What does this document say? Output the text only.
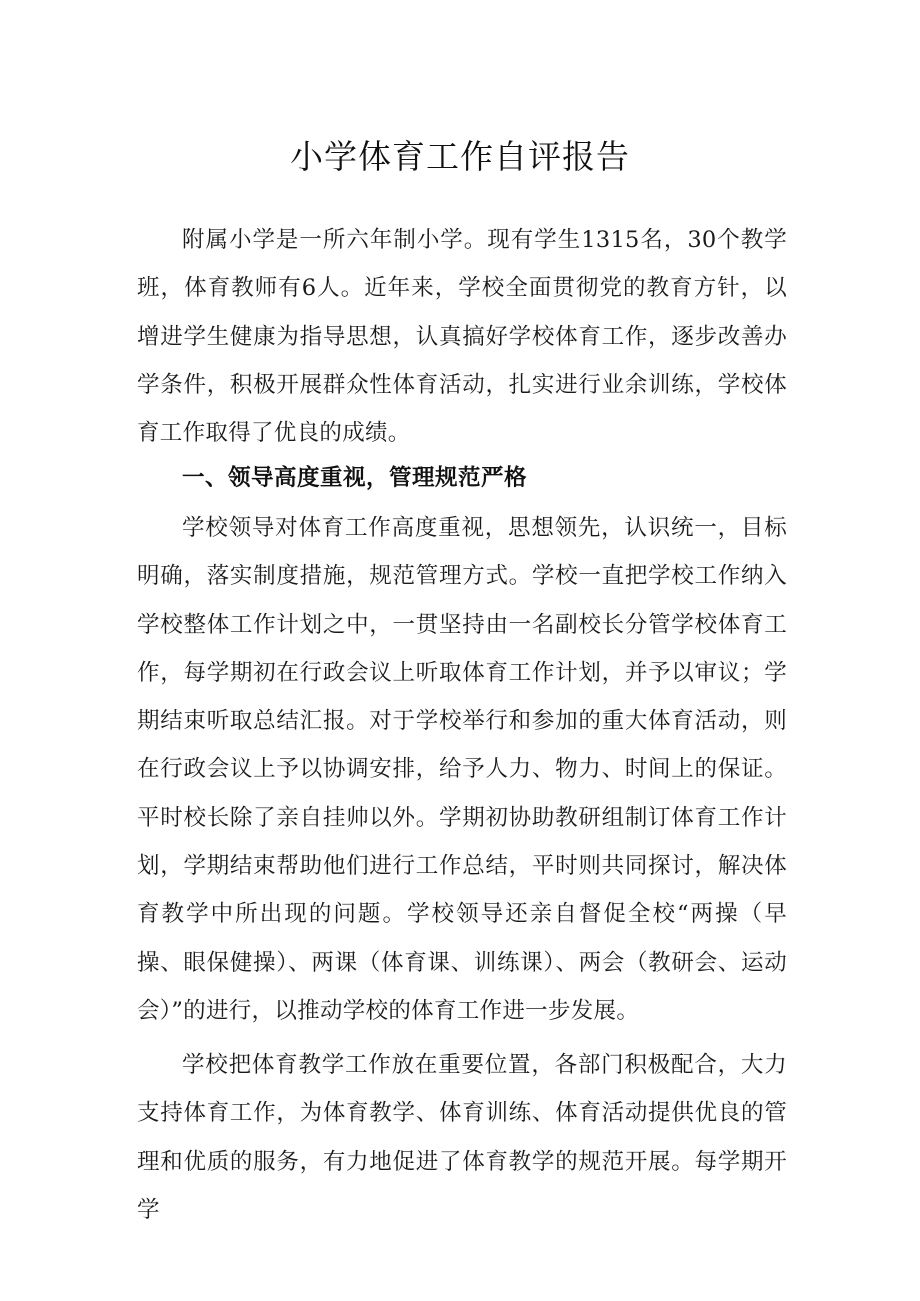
小学体育工作自评报告
附属小学是一所六年制小学。现有学生1315名，30个教学班，体育教师有6人。近年来，学校全面贯彻党的教育方针，以增进学生健康为指导思想，认真搞好学校体育工作，逐步改善办学条件，积极开展群众性体育活动，扎实进行业余训练，学校体育工作取得了优良的成绩。
一、领导高度重视，管理规范严格
学校领导对体育工作高度重视，思想领先，认识统一，目标明确，落实制度措施，规范管理方式。学校一直把学校工作纳入学校整体工作计划之中，一贯坚持由一名副校长分管学校体育工作，每学期初在行政会议上听取体育工作计划，并予以审议；学期结束听取总结汇报。对于学校举行和参加的重大体育活动，则在行政会议上予以协调安排，给予人力、物力、时间上的保证。平时校长除了亲自挂帅以外。学期初协助教研组制订体育工作计划，学期结束帮助他们进行工作总结，平时则共同探讨，解决体育教学中所出现的问题。学校领导还亲自督促全校“两操（早操、眼保健操）、两课（体育课、训练课）、两会（教研会、运动会）”的进行，以推动学校的体育工作进一步发展。
学校把体育教学工作放在重要位置，各部门积极配合，大力支持体育工作，为体育教学、体育训练、体育活动提供优良的管理和优质的服务，有力地促进了体育教学的规范开展。每学期开学
